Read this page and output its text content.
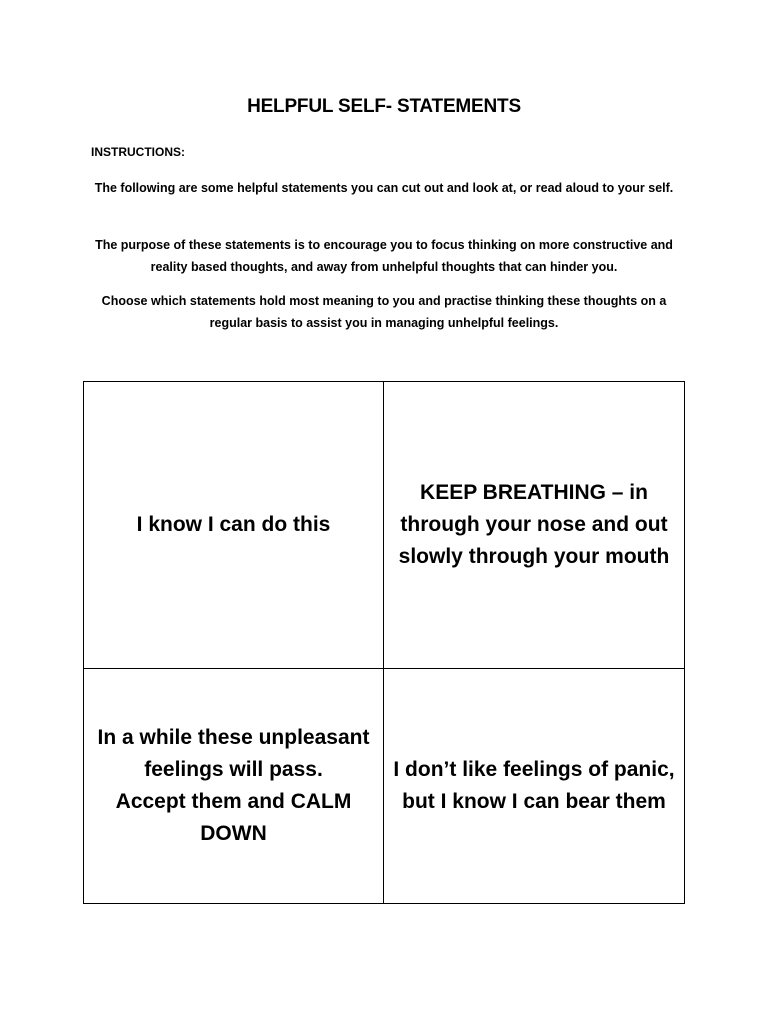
HELPFUL SELF- STATEMENTS
INSTRUCTIONS:

The following are some helpful statements you can cut out and look at, or read aloud to your self.

The purpose of these statements is to encourage you to focus thinking on more constructive and reality based thoughts, and away from unhelpful thoughts that can hinder you.

Choose which statements hold most meaning to you and practise thinking these thoughts on a regular basis to assist you in managing unhelpful feelings.

I know I can do this
KEEP BREATHING – in through your nose and out slowly through your mouth
In a while these unpleasant feelings will pass.
Accept them and CALM DOWN
I don’t like feelings of panic,
but I know I can bear them
